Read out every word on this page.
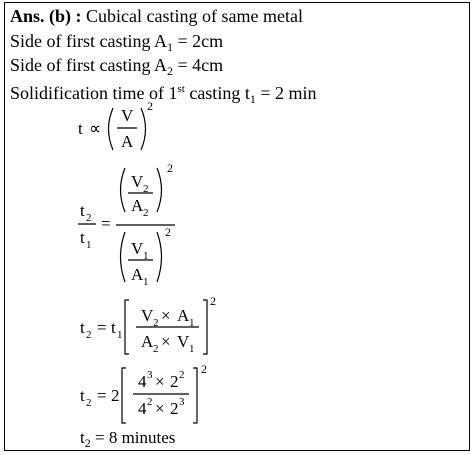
Ans. (b) : Cubical casting of same metal
Side of first casting $A_1 = 2cm$
Side of first casting $A_2 = 4cm$
Solidification time of 1st casting $t_1 = 2$ min
t ∝
V
A
2
t 2
t 1
=
V 2
A 2
2
V 1
A 1
2
t 2 = t 1
V 2 × A 1
A 2 × V 1
2
t 2 = 2
4 3 × 2 2
4 2 × 2 3
2
$t_2 = 8$ minutes
